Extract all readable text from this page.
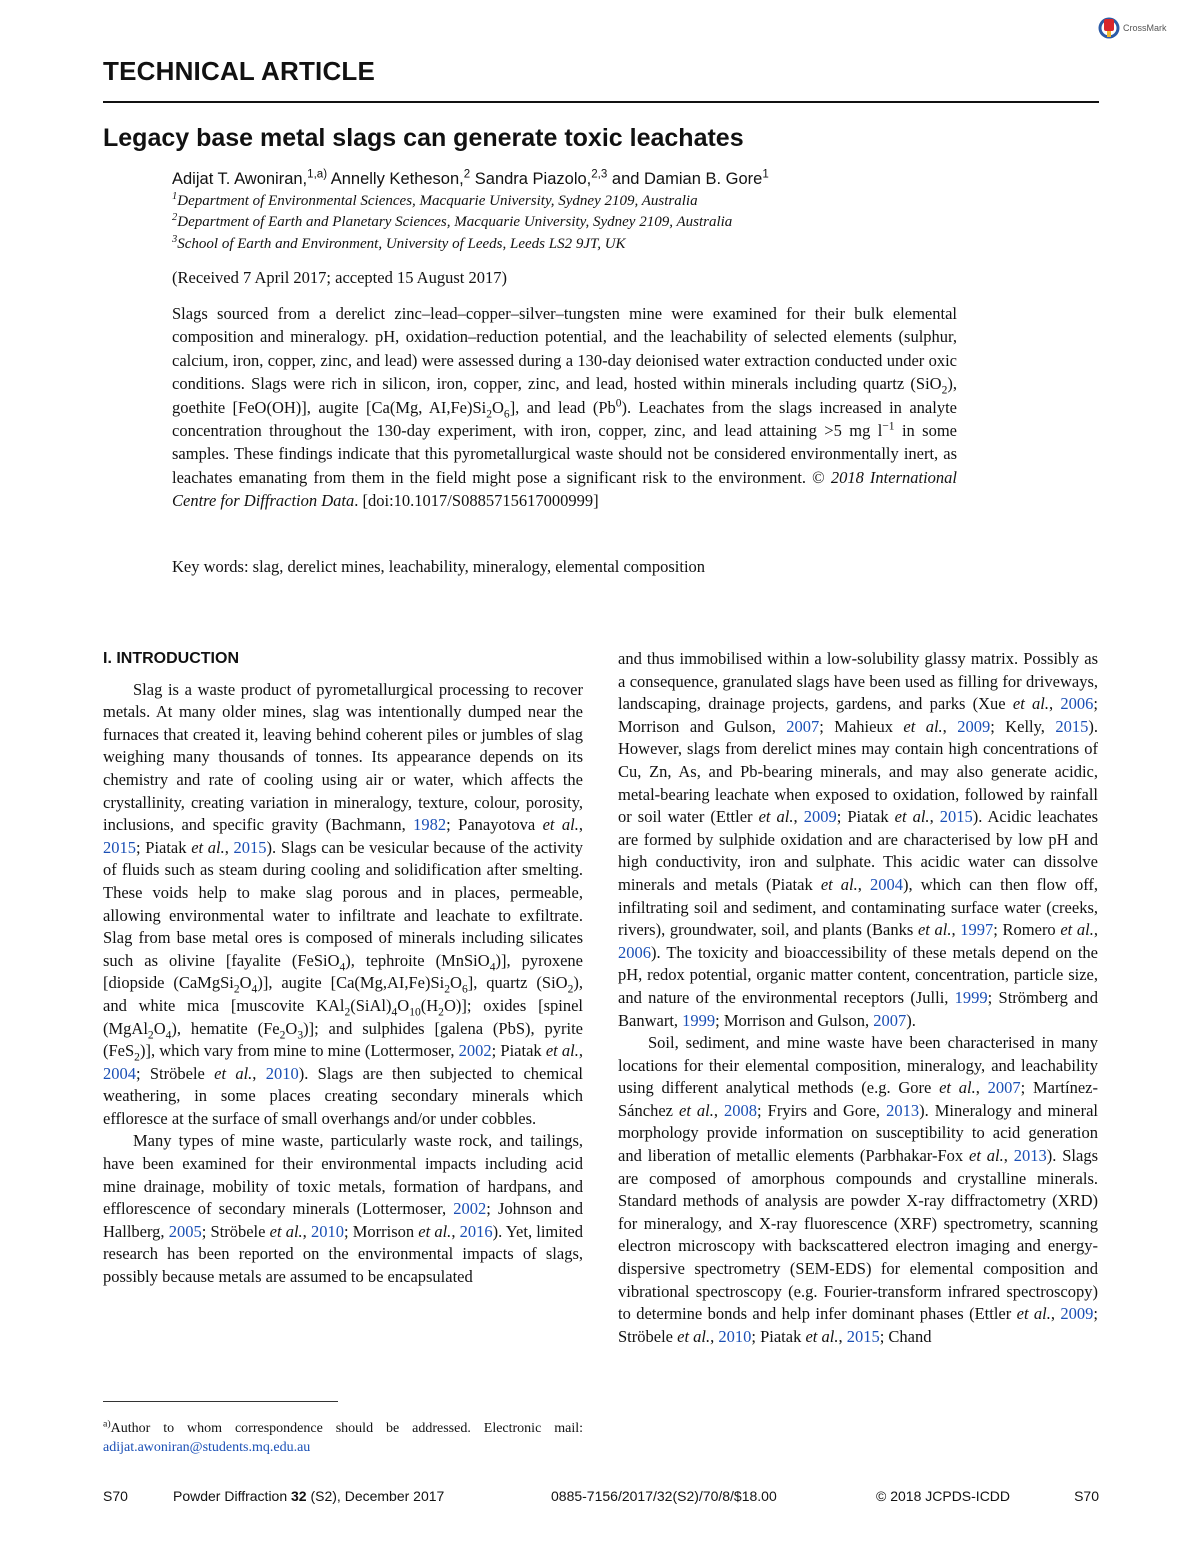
CrossMark
TECHNICAL ARTICLE
Legacy base metal slags can generate toxic leachates
Adijat T. Awoniran,$^{1,a)}$ Annelly Ketheson,$^2$ Sandra Piazolo,$^{2,3}$ and Damian B. Gore$^1$
$^1$Department of Environmental Sciences, Macquarie University, Sydney 2109, Australia
$^2$Department of Earth and Planetary Sciences, Macquarie University, Sydney 2109, Australia
$^3$School of Earth and Environment, University of Leeds, Leeds LS2 9JT, UK
(Received 7 April 2017; accepted 15 August 2017)
Slags sourced from a derelict zinc–lead–copper–silver–tungsten mine were examined for their bulk elemental composition and mineralogy. pH, oxidation–reduction potential, and the leachability of selected elements (sulphur, calcium, iron, copper, zinc, and lead) were assessed during a 130-day deionised water extraction conducted under oxic conditions. Slags were rich in silicon, iron, copper, zinc, and lead, hosted within minerals including quartz (SiO$_2$), goethite [FeO(OH)], augite [Ca(Mg, $AI,Fe)Si_2O_6$], and lead (Pb$^0$). Leachates from the slags increased in analyte concentration throughout the 130-day experiment, with iron, copper, zinc, and lead attaining >5 mg $l^{-1}$ in some samples. These findings indicate that this pyrometallurgical waste should not be considered environmentally inert, as leachates emanating from them in the field might pose a significant risk to the environment. © 2018 International Centre for Diffraction Data. [doi:10.1017/S0885715617000999]
Key words: slag, derelict mines, leachability, mineralogy, elemental composition
I. INTRODUCTION

Slag is a waste product of pyrometallurgical processing to recover metals. At many older mines, slag was intentionally dumped near the furnaces that created it, leaving behind coherent piles or jumbles of slag weighing many thousands of tonnes. Its appearance depends on its chemistry and rate of cooling using air or water, which affects the crystallinity, creating variation in mineralogy, texture, colour, porosity, inclusions, and specific gravity (Bachmann, 1982; Panayotova et al., 2015; Piatak et al., 2015). Slags can be vesicular because of the activity of fluids such as steam during cooling and solidification after smelting. These voids help to make slag porous and in places, permeable, allowing environmental water to infiltrate and leachate to exfiltrate. Slag from base metal ores is composed of minerals including silicates such as olivine [fayalite (FeSiO$_4$), tephroite (MnSiO$_4$)], pyroxene [diopside $(CaMgSi_2O_4)$], augite $[Ca(Mg,AI,Fe)Si_2O_6]$, quartz (SiO$_2$), and white mica [muscovite $KAl_2(SiAl)_4O_{10}(H_2O)$]; oxides [spinel $(MgAl_2O_4)$, hematite $(Fe_2O_3)$]; and sulphides [galena (PbS), pyrite (FeS$_2$)], which vary from mine to mine (Lottermoser, 2002; Piatak et al., 2004; Ströbele et al., 2010). Slags are then subjected to chemical weathering, in some places creating secondary minerals which effloresce at the surface of small overhangs and/or under cobbles.

Many types of mine waste, particularly waste rock, and tailings, have been examined for their environmental impacts including acid mine drainage, mobility of toxic metals, formation of hardpans, and efflorescence of secondary minerals (Lottermoser, 2002; Johnson and Hallberg, 2005; Ströbele et al., 2010; Morrison et al., 2016). Yet, limited research has been reported on the environmental impacts of slags, possibly because metals are assumed to be encapsulated

and thus immobilised within a low-solubility glassy matrix. Possibly as a consequence, granulated slags have been used as filling for driveways, landscaping, drainage projects, gardens, and parks (Xue et al., 2006; Morrison and Gulson, 2007; Mahieux et al., 2009; Kelly, 2015). However, slags from derelict mines may contain high concentrations of Cu, Zn, As, and Pb-bearing minerals, and may also generate acidic, metal-bearing leachate when exposed to oxidation, followed by rainfall or soil water (Ettler et al., 2009; Piatak et al., 2015). Acidic leachates are formed by sulphide oxidation and are characterised by low pH and high conductivity, iron and sulphate. This acidic water can dissolve minerals and metals (Piatak et al., 2004), which can then flow off, infiltrating soil and sediment, and contaminating surface water (creeks, rivers), groundwater, soil, and plants (Banks et al., 1997; Romero et al., 2006). The toxicity and bioaccessibility of these metals depend on the pH, redox potential, organic matter content, concentration, particle size, and nature of the environmental receptors (Julli, 1999; Strömberg and Banwart, 1999; Morrison and Gulson, 2007).

Soil, sediment, and mine waste have been characterised in many locations for their elemental composition, mineralogy, and leachability using different analytical methods (e.g. Gore et al., 2007; Martínez-Sánchez et al., 2008; Fryirs and Gore, 2013). Mineralogy and mineral morphology provide information on susceptibility to acid generation and liberation of metallic elements (Parbhakar-Fox et al., 2013). Slags are composed of amorphous compounds and crystalline minerals. Standard methods of analysis are powder X-ray diffractometry (XRD) for mineralogy, and X-ray fluorescence (XRF) spectrometry, scanning electron microscopy with backscattered electron imaging and energy-dispersive spectrometry (SEM-EDS) for elemental composition and vibrational spectroscopy (e.g. Fourier-transform infrared spectroscopy) to determine bonds and help infer dominant phases (Ettler et al., 2009; Ströbele et al., 2010; Piatak et al., 2015; Chand

$^{a)}$Author to whom correspondence should be addressed. Electronic mail: adijat.awoniran@students.mq.edu.au
S70	Powder Diffraction 32 (S2), December 2017	0885-7156/2017/32(S2)/70/8/$18.00	© 2018 JCPDS-ICDD	S70
